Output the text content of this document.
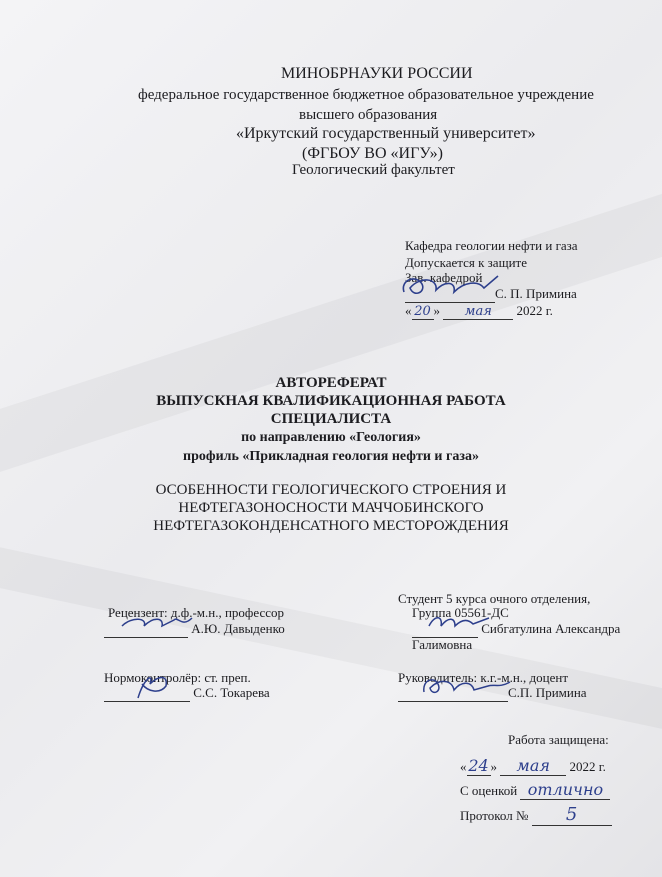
МИНОБРНАУКИ РОССИИ
федеральное государственное бюджетное образовательное учреждение
высшего образования
«Иркутский государственный университет»
(ФГБОУ ВО «ИГУ»)
Геологический факультет
Кафедра геологии нефти и газа
Допускается к защите
Зав. кафедрой
С. П. Примина
« 20 » мая 2022 г.
АВТОРЕФЕРАТ
ВЫПУСКНАЯ КВАЛИФИКАЦИОННАЯ РАБОТА
СПЕЦИАЛИСТА
по направлению «Геология»
профиль «Прикладная геология нефти и газа»
ОСОБЕННОСТИ ГЕОЛОГИЧЕСКОГО СТРОЕНИЯ И
НЕФТЕГАЗОНОСНОСТИ МАЧЧОБИНСКОГО
НЕФТЕГАЗОКОНДЕНСАТНОГО МЕСТОРОЖДЕНИЯ
Студент 5 курса очного отделения,
Группа 05561-ДС
Сибгатулина Александра
Галимовна
Рецензент: д.ф.-м.н., профессор
А.Ю. Давыденко
Нормоконтролёр: ст. преп.
С.С. Токарева
Руководитель: к.г.-м.н., доцент
С.П. Примина
Работа защищена:
« 24 » мая 2022 г.
С оценкой отлично
Протокол № 5
